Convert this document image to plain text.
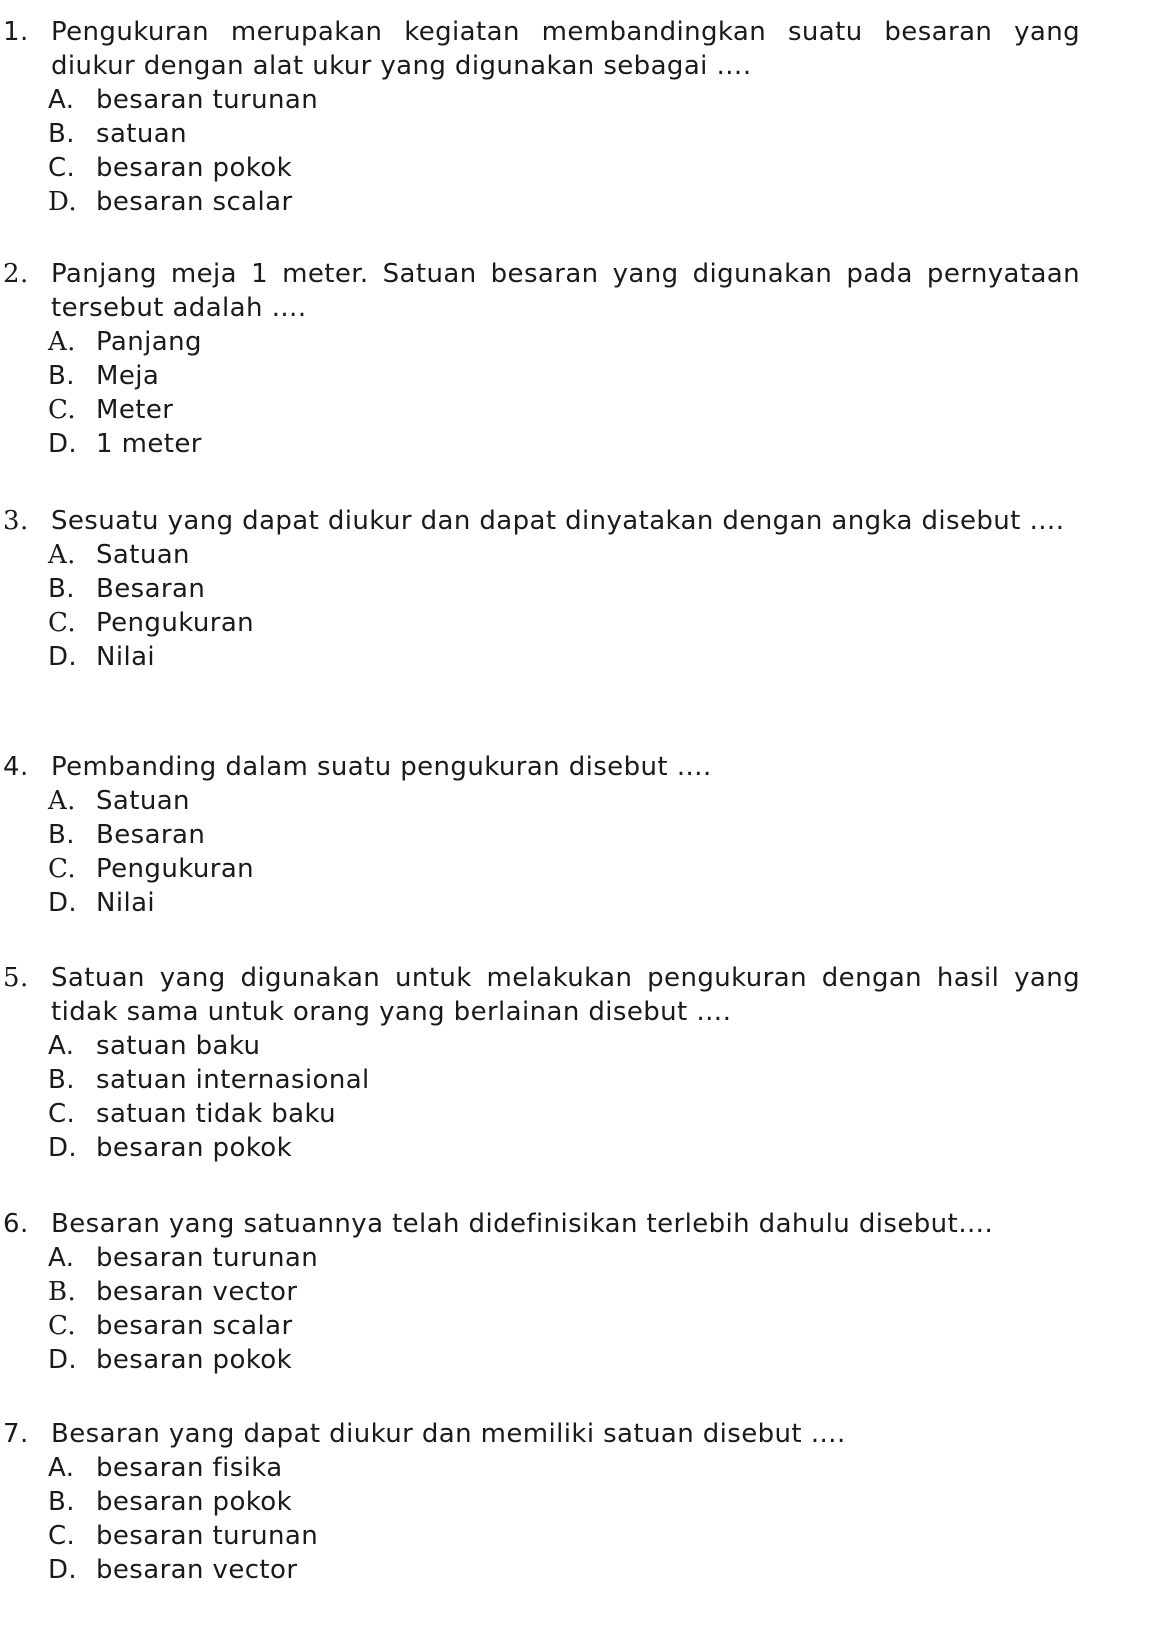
1. Pengukuran merupakan kegiatan membandingkan suatu besaran yang diukur dengan alat ukur yang digunakan sebagai ….
A. besaran turunan
B. satuan
C. besaran pokok
D. besaran scalar
2. Panjang meja 1 meter. Satuan besaran yang digunakan pada pernyataan tersebut adalah ….
A. Panjang
B. Meja
C. Meter
D. 1 meter
3. Sesuatu yang dapat diukur dan dapat dinyatakan dengan angka disebut ….
A. Satuan
B. Besaran
C. Pengukuran
D. Nilai
4. Pembanding dalam suatu pengukuran disebut ….
A. Satuan
B. Besaran
C. Pengukuran
D. Nilai
5. Satuan yang digunakan untuk melakukan pengukuran dengan hasil yang tidak sama untuk orang yang berlainan disebut ….
A. satuan baku
B. satuan internasional
C. satuan tidak baku
D. besaran pokok
6. Besaran yang satuannya telah didefinisikan terlebih dahulu disebut….
A. besaran turunan
B. besaran vector
C. besaran scalar
D. besaran pokok
7. Besaran yang dapat diukur dan memiliki satuan disebut ….
A. besaran fisika
B. besaran pokok
C. besaran turunan
D. besaran vector
